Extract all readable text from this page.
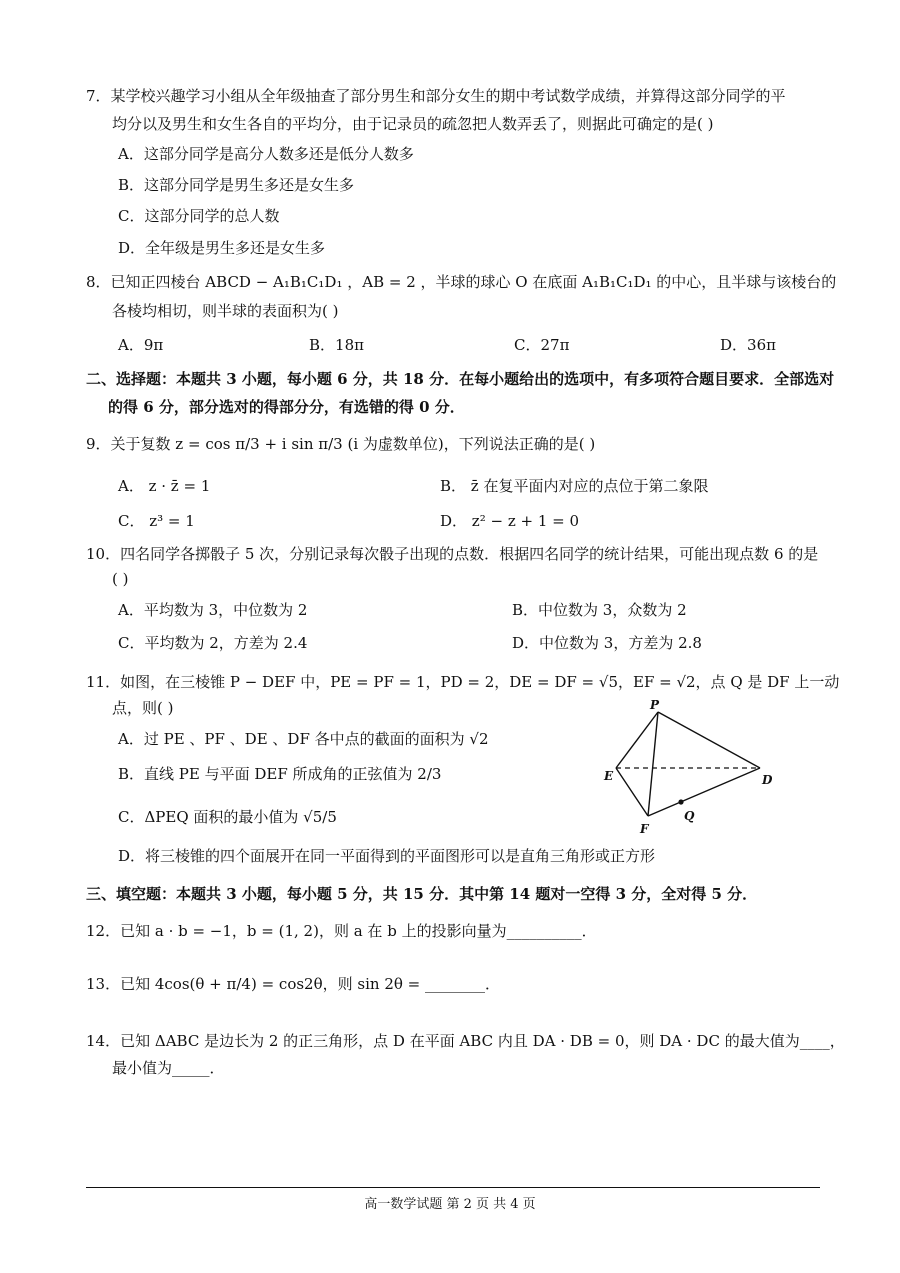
7．某学校兴趣学习小组从全年级抽查了部分男生和部分女生的期中考试数学成绩，并算得这部分同学的平
均分以及男生和女生各自的平均分，由于记录员的疏忽把人数弄丢了，则据此可确定的是( )
A．这部分同学是高分人数多还是低分人数多
B．这部分同学是男生多还是女生多
C．这部分同学的总人数
D．全年级是男生多还是女生多
8．已知正四棱台 ABCD − A₁B₁C₁D₁ ，AB = 2 ，半球的球心 O 在底面 A₁B₁C₁D₁ 的中心，且半球与该棱台的
各棱均相切，则半球的表面积为( )
A．9π	B．18π	C．27π	D．36π
二、选择题：本题共 3 小题，每小题 6 分，共 18 分．在每小题给出的选项中，有多项符合题目要求．全部选对
的得 6 分，部分选对的得部分分，有选错的得 0 分．
9．关于复数 z = cos π/3 + i sin π/3 (i 为虚数单位)，下列说法正确的是( )
A． z · z̄ = 1	B． z̄ 在复平面内对应的点位于第二象限
C． z³ = 1	D． z² − z + 1 = 0
10．四名同学各掷骰子 5 次，分别记录每次骰子出现的点数．根据四名同学的统计结果，可能出现点数 6 的是
( )
A．平均数为 3，中位数为 2	B．中位数为 3，众数为 2
C．平均数为 2，方差为 2.4	D．中位数为 3，方差为 2.8
11．如图，在三棱锥 P − DEF 中，PE = PF = 1，PD = 2，DE = DF = √5，EF = √2，点 Q 是 DF 上一动
点，则( )
A．过 PE 、PF 、DE 、DF 各中点的截面的面积为 √2
B．直线 PE 与平面 DEF 所成角的正弦值为 2/3
C．ΔPEQ 面积的最小值为 √5/5
D．将三棱锥的四个面展开在同一平面得到的平面图形可以是直角三角形或正方形
P
E	D
F
Q
三、填空题：本题共 3 小题，每小题 5 分，共 15 分．其中第 14 题对一空得 3 分，全对得 5 分．
12．已知 a · b = −1，b = (1, 2)，则 a 在 b 上的投影向量为__________．
13．已知 4cos(θ + π/4) = cos2θ，则 sin 2θ = ________．
14．已知 ΔABC 是边长为 2 的正三角形，点 D 在平面 ABC 内且 DA · DB = 0，则 DA · DC 的最大值为____，
最小值为_____．
高一数学试题 第 2 页 共 4 页
